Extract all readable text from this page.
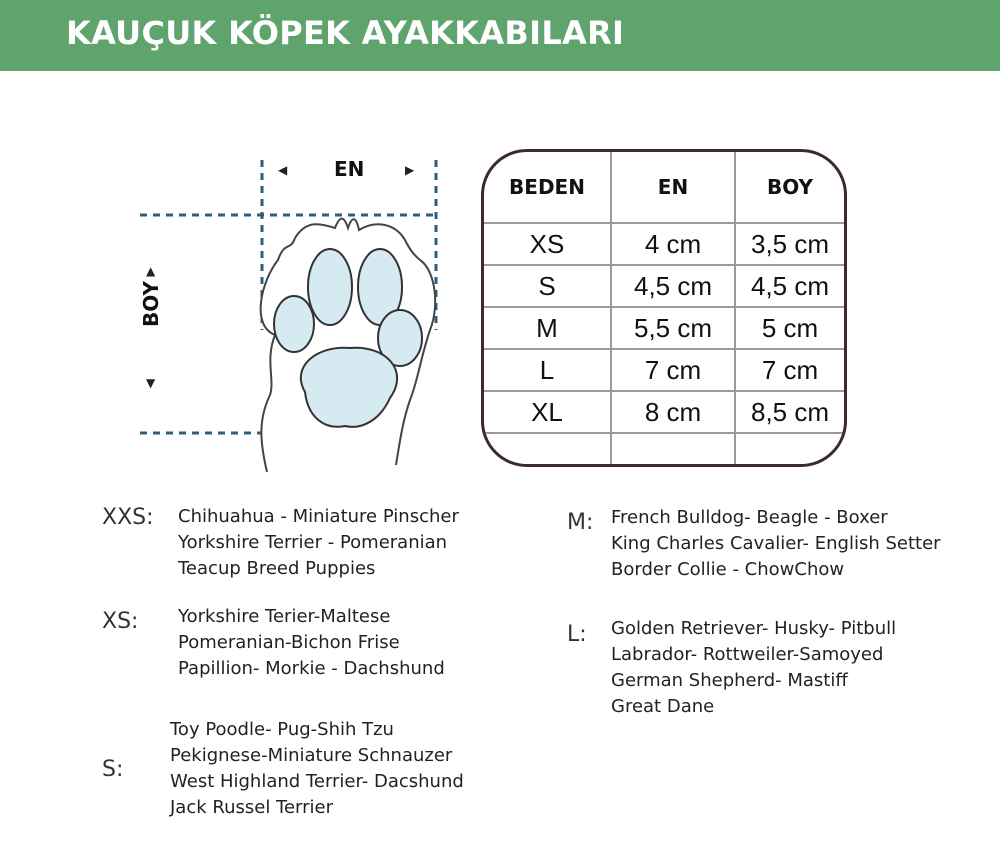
KAUÇUK KÖPEK AYAKKABILARI
◀	▶
▲
▼
EN
BOY
BEDEN	EN	BOY
XS	4 cm	3,5 cm
S	4,5 cm	4,5 cm
M	5,5 cm	5 cm
L	7 cm	7 cm
XL	8 cm	8,5 cm

XXS: Chihuahua - Miniature Pinscher
Yorkshire Terrier - Pomeranian
Teacup Breed Puppies
XS: Yorkshire Terier-Maltese
Pomeranian-Bichon Frise
Papillion- Morkie - Dachshund
S:
Toy Poodle- Pug-Shih Tzu
Pekignese-Miniature Schnauzer
West Highland Terrier- Dacshund
Jack Russel Terrier
M: French Bulldog- Beagle - Boxer
King Charles Cavalier- English Setter
Border Collie - ChowChow
L: Golden Retriever- Husky- Pitbull
Labrador- Rottweiler-Samoyed
German Shepherd- Mastiff
Great Dane
